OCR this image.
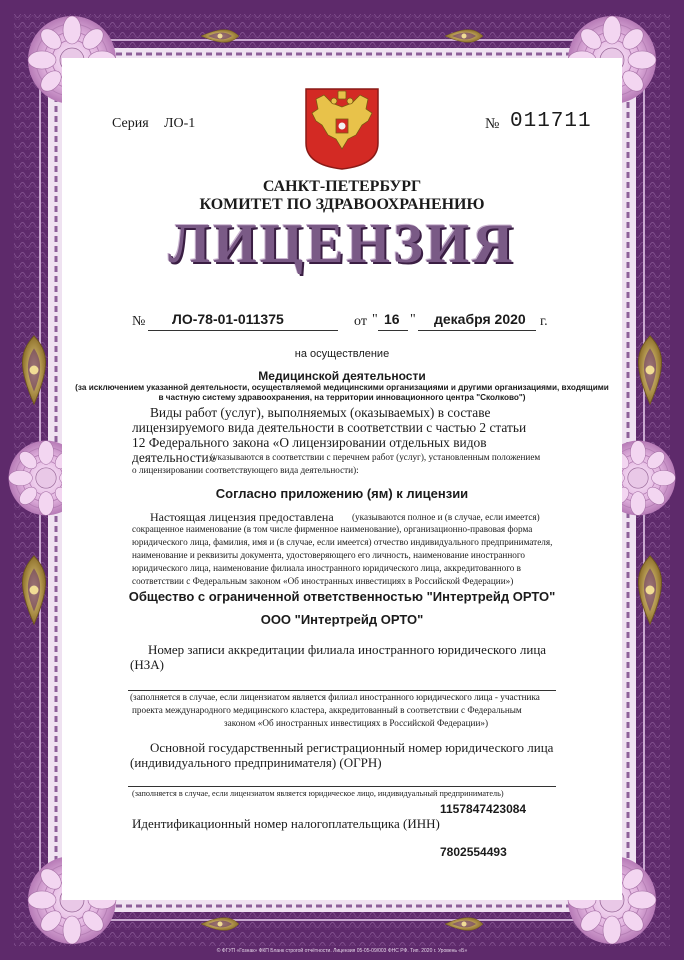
Серия ЛО-1	№ 011711
САНКТ-ПЕТЕРБУРГ
КОМИТЕТ ПО ЗДРАВООХРАНЕНИЮ
ЛИЦЕНЗИЯ
№ ЛО-78-01-011375	от " 16 " декабря 2020 г.
на осуществление
Медицинской деятельности
(за исключением указанной деятельности, осуществляемой медицинскими организациями и другими организациями, входящими
в частную систему здравоохранения, на территории инновационного центра "Сколково")
Виды работ (услуг), выполняемых (оказываемых) в составе
лицензируемого вида деятельности в соответствии с частью 2 статьи
12 Федерального закона «О лицензировании отдельных видов
деятельности»
(указываются в соответствии с перечнем работ (услуг), установленным положением
о лицензировании соответствующего вида деятельности):
Согласно приложению (ям) к лицензии
Настоящая лицензия предоставлена (указываются полное и (в случае, если имеется)
сокращенное наименование (в том числе фирменное наименование), организационно-правовая форма
юридического лица, фамилия, имя и (в случае, если имеется) отчество индивидуального предпринимателя,
наименование и реквизиты документа, удостоверяющего его личность, наименование иностранного
юридического лица, наименование филиала иностранного юридического лица, аккредитованного в
соответствии с Федеральным законом «Об иностранных инвестициях в Российской Федерации»)
Общество с ограниченной ответственностью "Интертрейд ОРТО"
ООО "Интертрейд ОРТО"
Номер записи аккредитации филиала иностранного юридического лица
(НЗА)
(заполняется в случае, если лицензиатом является филиал иностранного юридического лица - участника
проекта международного медицинского кластера, аккредитованный в соответствии с Федеральным
законом «Об иностранных инвестициях в Российской Федерации»)
Основной государственный регистрационный номер юридического лица
(индивидуального предпринимателя) (ОГРН)
(заполняется в случае, если лицензиатом является юридическое лицо, индивидуальный предприниматель)
1157847423084
Идентификационный номер налогоплательщика (ИНН)
7802554493
© ФГУП «Гознак» ФКП Бланк строгой отчётности. Лицензия 05-05-09/003 ФНС РФ. Тип. 2020 г. Уровень «Б»
